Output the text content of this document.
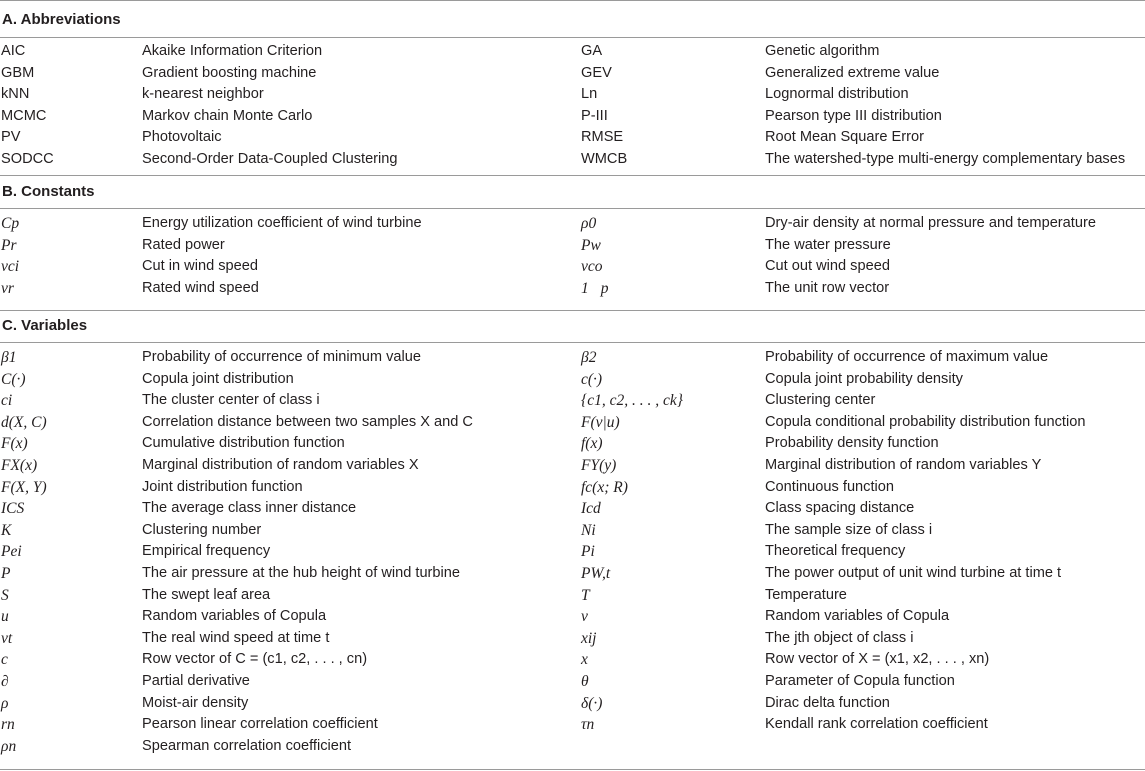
A. Abbreviations
AIC	Akaike Information Criterion	GA	Genetic algorithm
GBM	Gradient boosting machine	GEV	Generalized extreme value
kNN	k-nearest neighbor	Ln	Lognormal distribution
MCMC	Markov chain Monte Carlo	P-III	Pearson type III distribution
PV	Photovoltaic	RMSE	Root Mean Square Error
SODCC	Second-Order Data-Coupled Clustering	WMCB	The watershed-type multi-energy complementary bases
B. Constants
Cp	Energy utilization coefficient of wind turbine	ρ0	Dry-air density at normal pressure and temperature
Pr	Rated power	Pw	The water pressure
vci	Cut in wind speed	vco	Cut out wind speed
vr	Rated wind speed	1⃗p	The unit row vector
C. Variables
β1	Probability of occurrence of minimum value	β2	Probability of occurrence of maximum value
C(·)	Copula joint distribution	c(·)	Copula joint probability density
ci	The cluster center of class i	{c1, c2, . . . , ck}	Clustering center
d(X, C)	Correlation distance between two samples X and C	F(v|u)	Copula conditional probability distribution function
F(x)	Cumulative distribution function	f(x)	Probability density function
FX(x)	Marginal distribution of random variables X	FY(y)	Marginal distribution of random variables Y
F(X, Y)	Joint distribution function	fc(x; R)	Continuous function
ICS	The average class inner distance	Icd	Class spacing distance
K	Clustering number	Ni	The sample size of class i
Pei	Empirical frequency	Pi	Theoretical frequency
P	The air pressure at the hub height of wind turbine	PW,t	The power output of unit wind turbine at time t
S	The swept leaf area	T	Temperature
u	Random variables of Copula	v	Random variables of Copula
vt	The real wind speed at time t	xij	The jth object of class i
c⃗	Row vector of C = (c1, c2, . . . , cn)	x⃗	Row vector of X = (x1, x2, . . . , xn)
∂	Partial derivative	θ	Parameter of Copula function
ρ	Moist-air density	δ(·)	Dirac delta function
rn	Pearson linear correlation coefficient	τn	Kendall rank correlation coefficient
ρn	Spearman correlation coefficient
